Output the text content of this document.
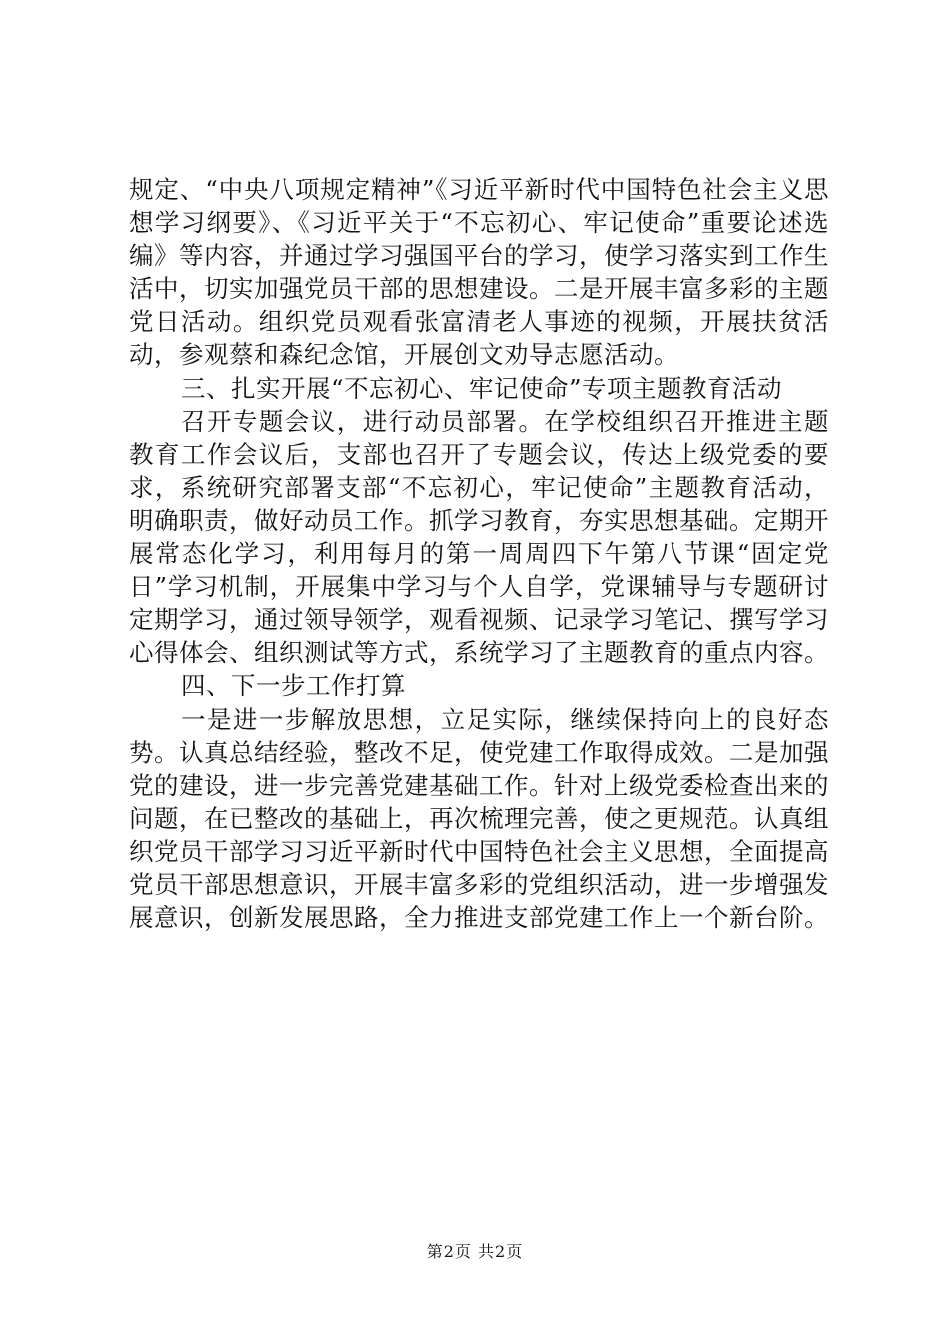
规定、“中央八项规定精神”《习近平新时代中国特色社会主义思想学习纲要》、《习近平关于“不忘初心、牢记使命”重要论述选编》等内容，并通过学习强国平台的学习，使学习落实到工作生活中，切实加强党员干部的思想建设。二是开展丰富多彩的主题党日活动。组织党员观看张富清老人事迹的视频，开展扶贫活动，参观蔡和森纪念馆，开展创文劝导志愿活动。

三、扎实开展“不忘初心、牢记使命”专项主题教育活动

召开专题会议，进行动员部署。在学校组织召开推进主题教育工作会议后，支部也召开了专题会议，传达上级党委的要求，系统研究部署支部“不忘初心，牢记使命”主题教育活动，明确职责，做好动员工作。抓学习教育，夯实思想基础。定期开展常态化学习，利用每月的第一周周四下午第八节课“固定党日”学习机制，开展集中学习与个人自学，党课辅导与专题研讨定期学习，通过领导领学，观看视频、记录学习笔记、撰写学习心得体会、组织测试等方式，系统学习了主题教育的重点内容。

四、下一步工作打算

一是进一步解放思想，立足实际，继续保持向上的良好态势。认真总结经验，整改不足，使党建工作取得成效。二是加强党的建设，进一步完善党建基础工作。针对上级党委检查出来的问题，在已整改的基础上，再次梳理完善，使之更规范。认真组织党员干部学习习近平新时代中国特色社会主义思想，全面提高党员干部思想意识，开展丰富多彩的党组织活动，进一步增强发展意识，创新发展思路，全力推进支部党建工作上一个新台阶。

第2页 共2页
